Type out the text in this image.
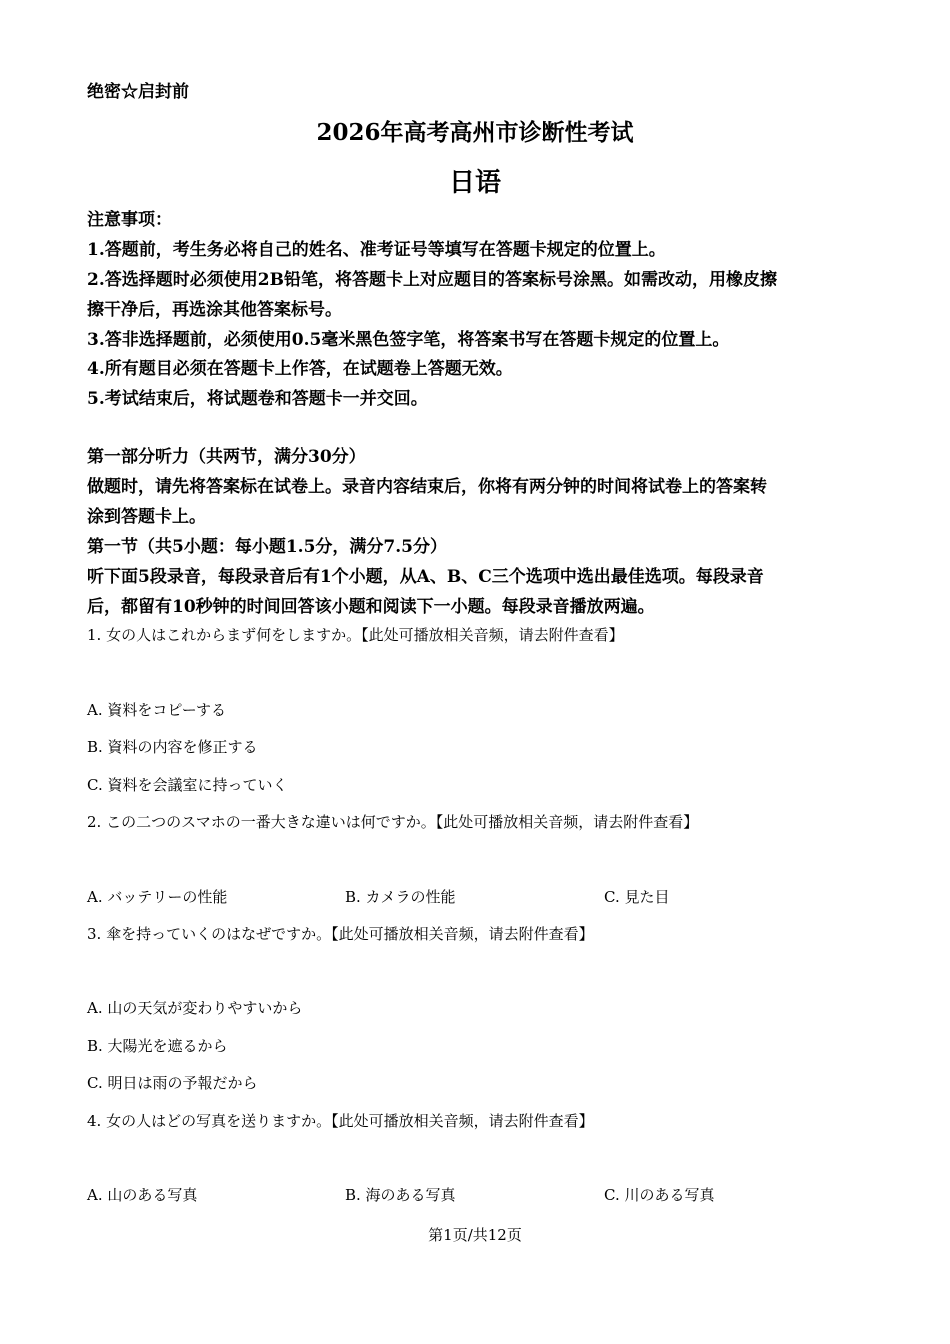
绝密☆启封前
2026年高考高州市诊断性考试
日语
注意事项：
1.答题前，考生务必将自己的姓名、准考证号等填写在答题卡规定的位置上。
2.答选择题时必须使用2B铅笔，将答题卡上对应题目的答案标号涂黑。如需改动，用橡皮擦
擦干净后，再选涂其他答案标号。
3.答非选择题前，必须使用0.5毫米黑色签字笔，将答案书写在答题卡规定的位置上。
4.所有题目必须在答题卡上作答，在试题卷上答题无效。
5.考试结束后，将试题卷和答题卡一并交回。
第一部分听力（共两节，满分30分）
做题时，请先将答案标在试卷上。录音内容结束后，你将有两分钟的时间将试卷上的答案转
涂到答题卡上。
第一节（共5小题：每小题1.5分，满分7.5分）
听下面5段录音，每段录音后有1个小题，从A、B、C三个选项中选出最佳选项。每段录音
后，都留有10秒钟的时间回答该小题和阅读下一小题。每段录音播放两遍。
1. 女の人はこれからまず何をしますか。【此处可播放相关音频，请去附件查看】
A. 資料をコピーする
B. 資料の内容を修正する
C. 資料を会議室に持っていく
2. この二つのスマホの一番大きな違いは何ですか。【此处可播放相关音频，请去附件查看】
A. バッテリーの性能	B. カメラの性能	C. 見た目
3. 傘を持っていくのはなぜですか。【此处可播放相关音频，请去附件查看】
A. 山の天気が変わりやすいから
B. 大陽光を遮るから
C. 明日は雨の予報だから
4. 女の人はどの写真を送りますか。【此处可播放相关音频，请去附件查看】
A. 山のある写真	B. 海のある写真	C. 川のある写真
第1页/共12页
